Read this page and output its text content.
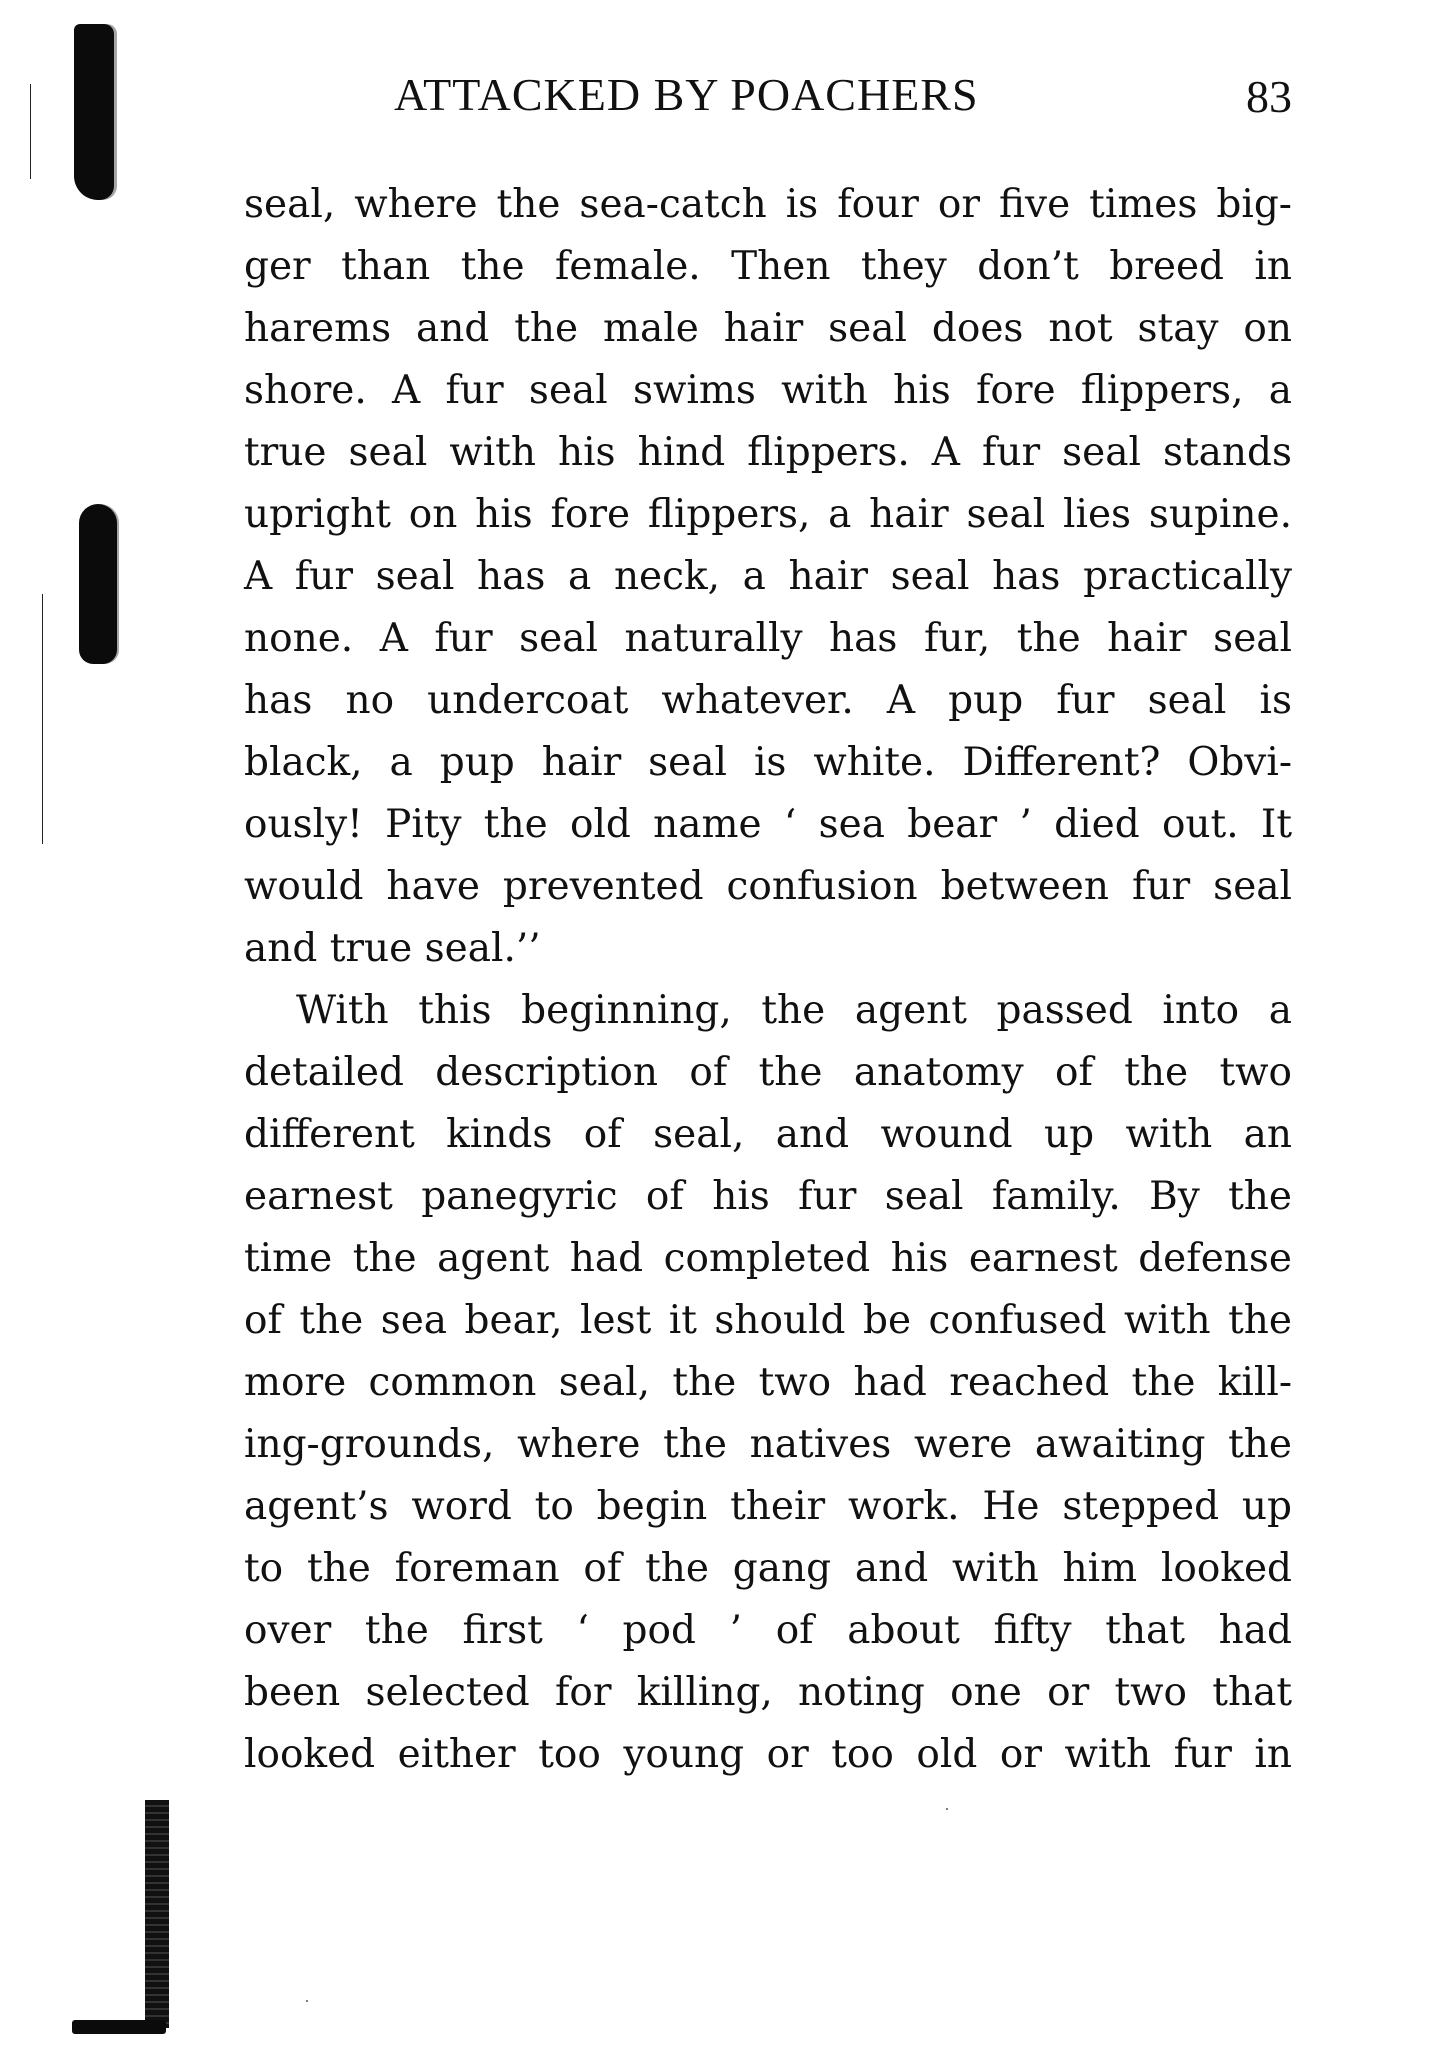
ATTACKED BY POACHERS	83
seal, where the sea-catch is four or five times big-
ger than the female. Then they don’t breed in
harems and the male hair seal does not stay on
shore. A fur seal swims with his fore flippers, a
true seal with his hind flippers. A fur seal stands
upright on his fore flippers, a hair seal lies supine.
A fur seal has a neck, a hair seal has practically
none. A fur seal naturally has fur, the hair seal
has no undercoat whatever. A pup fur seal is
black, a pup hair seal is white. Different? Obvi-
ously! Pity the old name ‘ sea bear ’ died out. It
would have prevented confusion between fur seal
and true seal.’’
With this beginning, the agent passed into a
detailed description of the anatomy of the two
different kinds of seal, and wound up with an
earnest panegyric of his fur seal family. By the
time the agent had completed his earnest defense
of the sea bear, lest it should be confused with the
more common seal, the two had reached the kill-
ing-grounds, where the natives were awaiting the
agent’s word to begin their work. He stepped up
to the foreman of the gang and with him looked
over the first ‘ pod ’ of about fifty that had
been selected for killing, noting one or two that
looked either too young or too old or with fur in
